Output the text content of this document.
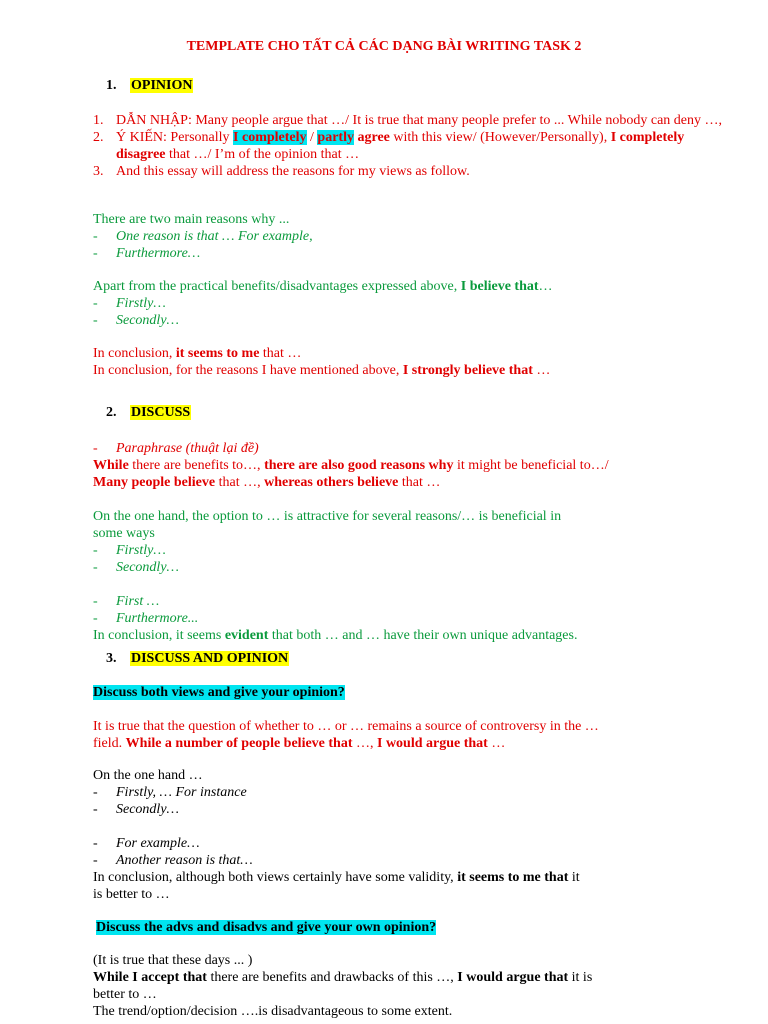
TEMPLATE CHO TẤT CẢ CÁC DẠNG BÀI WRITING TASK 2
1. OPINION
1. DẪN NHẬP: Many people argue that …/ It is true that many people prefer to ... While nobody can deny …,
2. Ý KIẾN: Personally I completely / partly agree with this view/ (However/Personally), I completely disagree that …/ I’m of the opinion that …
3. And this essay will address the reasons for my views as follow.
There are two main reasons why ...
- One reason is that … For example,
- Furthermore…
Apart from the practical benefits/disadvantages expressed above, I believe that…
- Firstly…
- Secondly…
In conclusion, it seems to me that …
In conclusion, for the reasons I have mentioned above, I strongly believe that …
2. DISCUSS
- Paraphrase (thuật lại đề)
While there are benefits to…, there are also good reasons why it might be beneficial to…/
Many people believe that …, whereas others believe that …
On the one hand, the option to … is attractive for several reasons/… is beneficial in
some ways
- Firstly…
- Secondly…
- First …
- Furthermore...
In conclusion, it seems evident that both … and … have their own unique advantages.
3. DISCUSS AND OPINION
Discuss both views and give your opinion?
It is true that the question of whether to … or … remains a source of controversy in the …
field. While a number of people believe that …, I would argue that …
On the one hand …
- Firstly, … For instance
- Secondly…
- For example…
- Another reason is that…
In conclusion, although both views certainly have some validity, it seems to me that it
is better to …
Discuss the advs and disadvs and give your own opinion?
(It is true that these days ... )
While I accept that there are benefits and drawbacks of this …, I would argue that it is
better to …
The trend/option/decision ….is disadvantageous to some extent.
